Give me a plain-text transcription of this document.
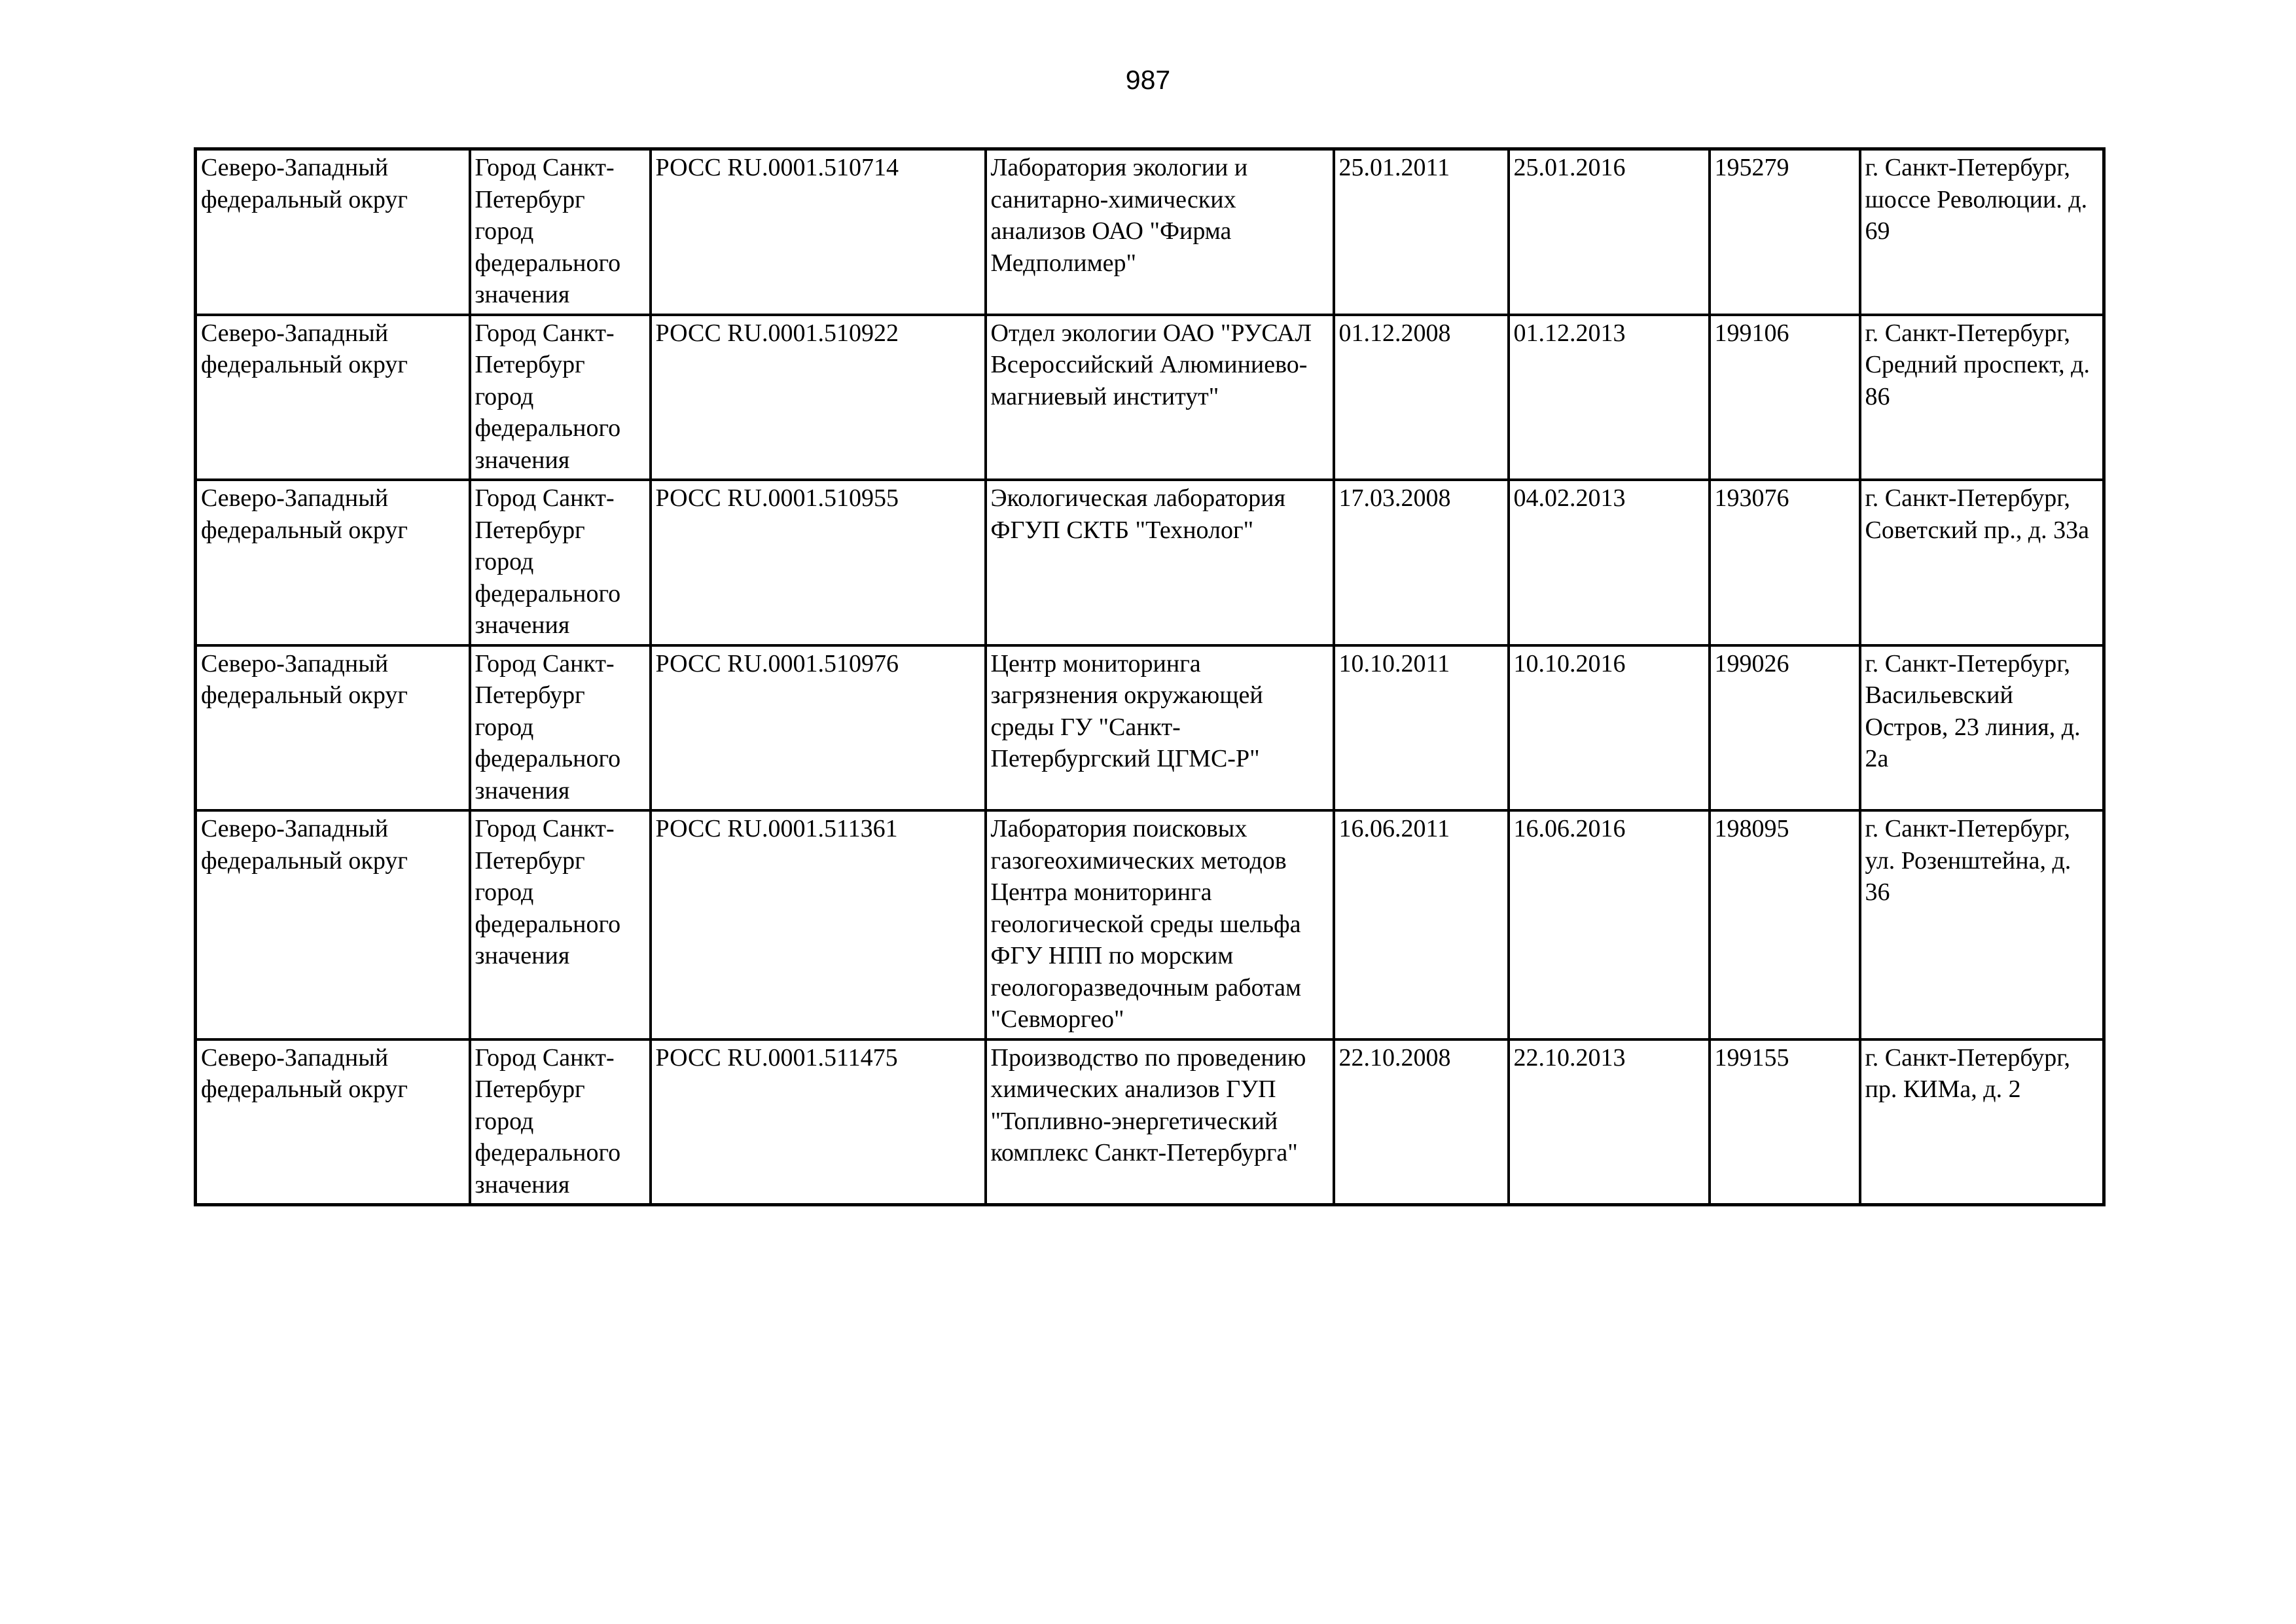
987
Северо-Западный федеральный округ	Город Санкт-Петербург город федерального значения	РОСС RU.0001.510714	Лаборатория экологии и санитарно-химических анализов ОАО "Фирма Медполимер"	25.01.2011	25.01.2016	195279	г. Санкт-Петербург, шоссе Революции. д. 69
Северо-Западный федеральный округ	Город Санкт-Петербург город федерального значения	РОСС RU.0001.510922	Отдел экологии ОАО "РУСАЛ Всероссийский Алюминиево-магниевый институт"	01.12.2008	01.12.2013	199106	г. Санкт-Петербург, Средний проспект, д. 86
Северо-Западный федеральный округ	Город Санкт-Петербург город федерального значения	РОСС RU.0001.510955	Экологическая лаборатория ФГУП СКТБ "Технолог"	17.03.2008	04.02.2013	193076	г. Санкт-Петербург, Советский пр., д. 33а
Северо-Западный федеральный округ	Город Санкт-Петербург город федерального значения	РОСС RU.0001.510976	Центр мониторинга загрязнения окружающей среды ГУ "Санкт-Петербургский ЦГМС-Р"	10.10.2011	10.10.2016	199026	г. Санкт-Петербург, Васильевский Остров, 23 линия, д. 2а
Северо-Западный федеральный округ	Город Санкт-Петербург город федерального значения	РОСС RU.0001.511361	Лаборатория поисковых газогеохимических методов Центра мониторинга геологической среды шельфа ФГУ НПП по морским геологоразведочным работам "Севморгео"	16.06.2011	16.06.2016	198095	г. Санкт-Петербург, ул. Розенштейна, д. 36
Северо-Западный федеральный округ	Город Санкт-Петербург город федерального значения	РОСС RU.0001.511475	Производство по проведению химических анализов ГУП "Топливно-энергетический комплекс Санкт-Петербурга"	22.10.2008	22.10.2013	199155	г. Санкт-Петербург, пр. КИМа, д. 2
